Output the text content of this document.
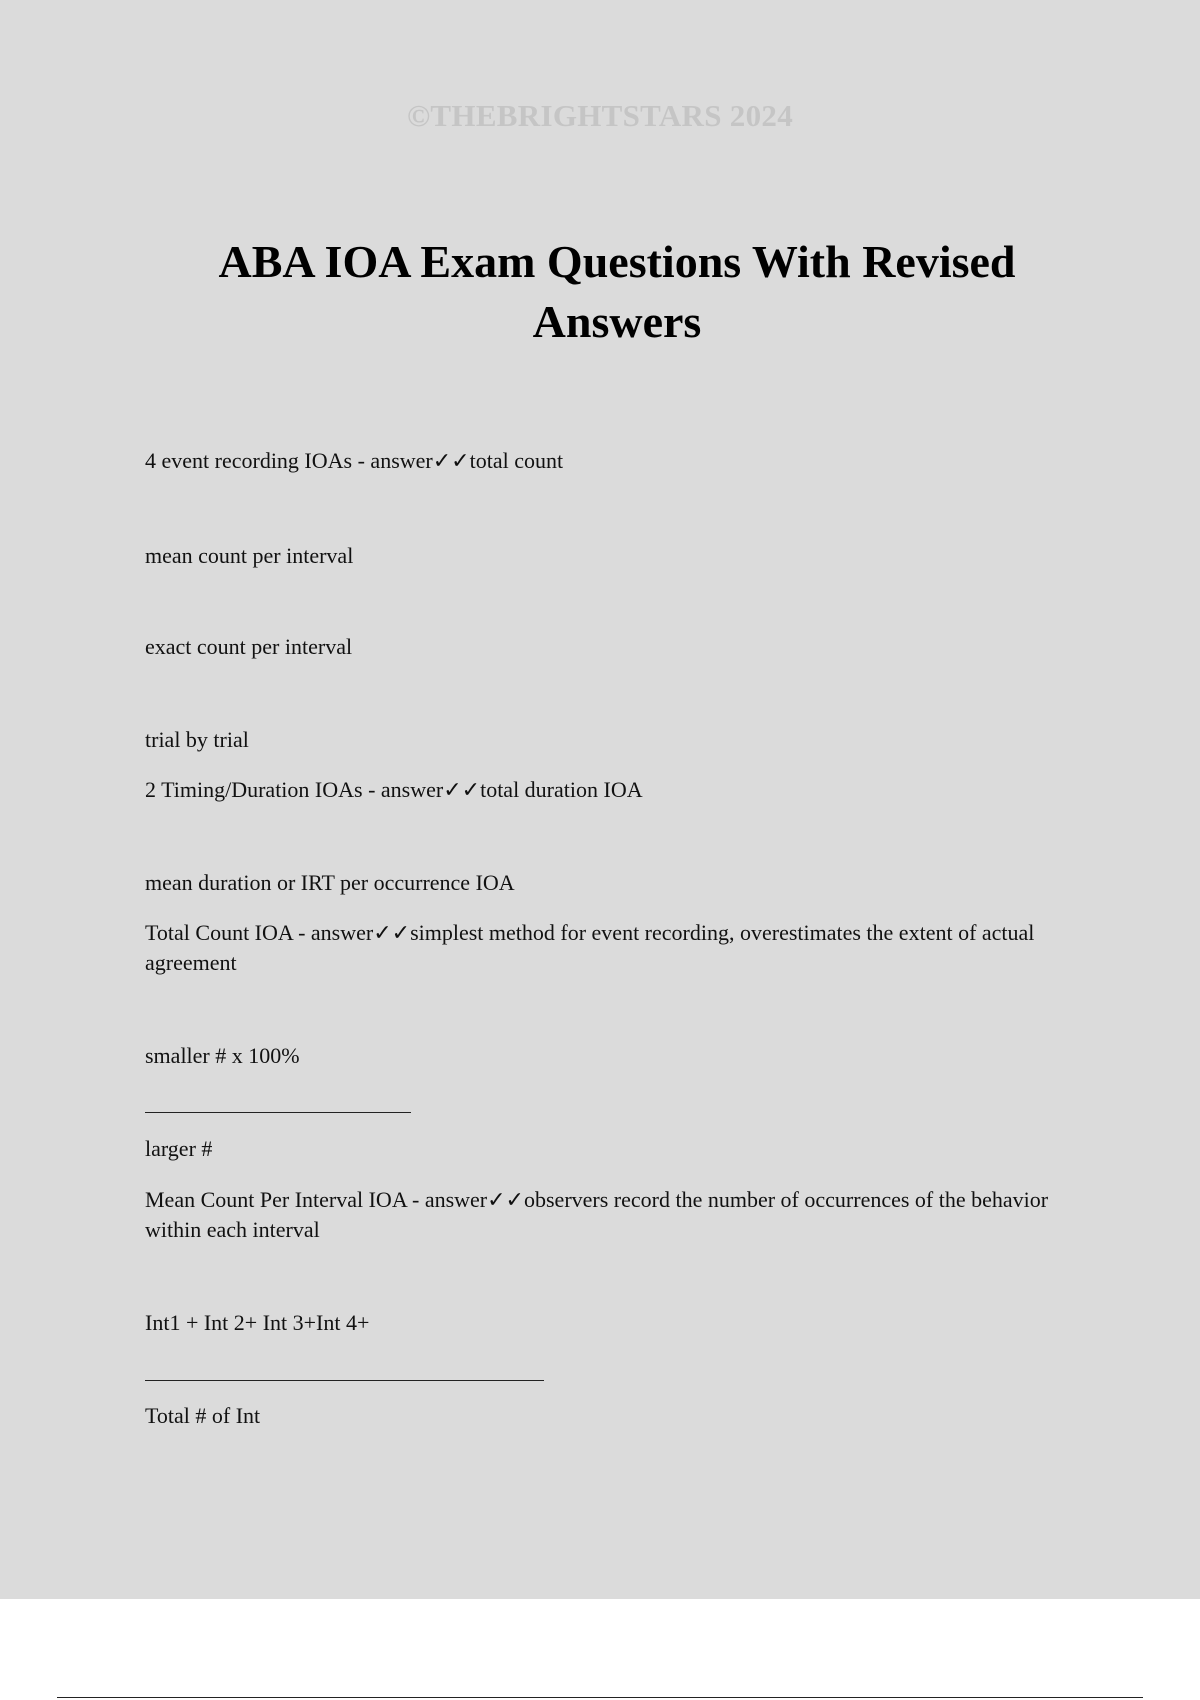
©THEBRIGHTSTARS 2024
ABA IOA Exam Questions With Revised Answers
4 event recording IOAs - answer✓✓total count
mean count per interval
exact count per interval
trial by trial
2 Timing/Duration IOAs - answer✓✓total duration IOA
mean duration or IRT per occurrence IOA
Total Count IOA - answer✓✓simplest method for event recording, overestimates the extent of actual agreement
smaller # x 100%
larger #
Mean Count Per Interval IOA - answer✓✓observers record the number of occurrences of the behavior within each interval
Int1 + Int 2+ Int 3+Int 4+
Total # of Int
